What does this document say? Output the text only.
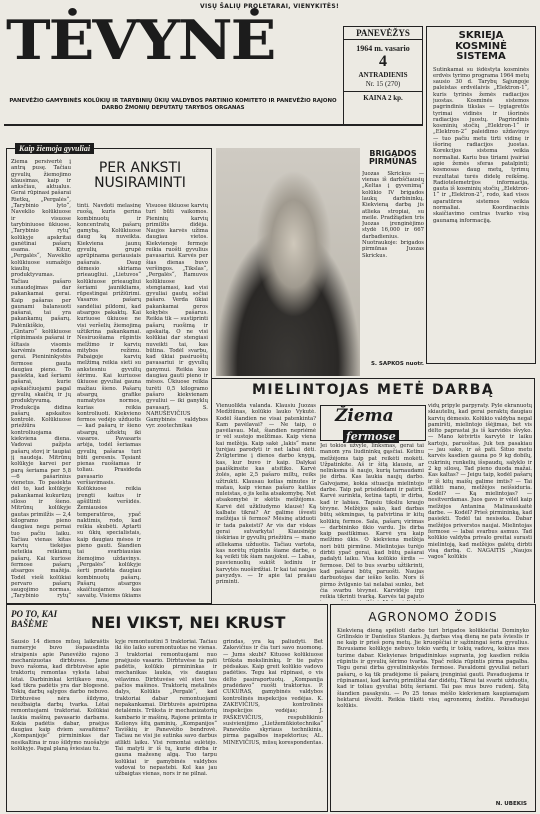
VISŲ ŠALIŲ PROLETARAI, VIENYKITĖS!
TĖVYNĖ
PANEVĖŽIO GAMYBINĖS KOLŪKIŲ IR TARYBINIŲ ŪKIŲ VALDYBOS PARTINIO KOMITETO IR PANEVĖŽIO RAJONO DARBO ŽMONIŲ DEPUTATŲ TARYBOS ORGANAS
PANEVĖŽYS
1964 m. vasario
4
ANTRADIENIS
Nr. 15 (270)
KAINA 2 kp.
SKRIEJA KOSMINĖ SISTEMA
Sutinkamai su išdėstyta kosminės erdvės tyrimo programa 1964 metų sausio 30 d. Tarybų Sąjungoje paleistas erdvėlaivis „Elektron-1“, kuris tyrinės žemės radiacijos juostas. Kosminės sistemos pagrindinis tikslas — lygiagretūs tyrimai vidinės ir išorinės radiacijos juostų. Pagrindinis kosminių stočių „Elektron-1“ ir „Elektron-2“ paleidimo uždavinys — tuo pačiu metu tirti vidinę ir išorinę radiacijos juostas. Korekcijos sistema veikia normaliai. Kariu bus tiriami įvairiai apie žemės sferas patalpinti; kosmosas daug metų, tyrimų rezultatai turės didelę reikšmę. Radiotelemetrijos informacija, gauta iš kosminių stočių „Elektron-1“ ir „Elektron-2“, rodo, kad visos aparatūros sistemos veikia normaliai. Koordinacinis skaičiavimo centras tvarko visą gaunamą informaciją.
Kaip žiemoja gyvuliai
PER ANKSTI NUSIRAMINTI
Žiema persivertė į antrą pusę. Tačiau gyvulių žiemojimo klausimas, kaip ir anksčiau, aktualus. Gerai rūpinasi pašarai Rietkų, „Pergalės“, „Tarybinio lyto“, Naveklio kolūkiuose ir visuose tarybiniuose ūkiuose. „Tarybinio rytų“ kolūkyje apskritai ganėtinai pašarų esama. Kitur, „Pergalės“, Naveklio kolūkiuose sumažėjo kiaulių produktyvumas. Tačiau pašaro sunaudojimas dar pakankamai gerai. Kaip pašaras per gaunami balansuoti pašarai, tai yra pakankamų pašarų. Palėnikiškio, „Gintaro“ kolūkiuose rūpinimasis pašarai ir šiltasis visomis karvėmis rodoma gerai. Pienininkystės fermose gauta daugiau pieno. To pasiekta, kad šeriami pašarai, kurie apskaičiuojami pagal gyvulių skaičių ir jų produktyvumą. Produkcija didina pašarų apskaitos kontrolė. Kolūkiuose priežiūra kontroliuojama kiekviena diena. Vadovai pažįsta pašarų stovį ir taupiai jį naudoja. Mitrūnų kolūkyje karvei per parą šeriama per 5,8—6 pašarinius vienetus. To pasiekta dėl to, kad kolūkyje pakankamai kukurūzų siloso ir šieno. Mitrūnų kolūkyje gautas primilžis — 2,4 kilogramo pieno daugiau negu pernai tuo pačiu laiku. Tačiau vienas kitas karvių tiekėjas neteikia reikiamų pašarų. Kai kuriose fermose pašarų atsargos mažėja. Todėl vieši kolūkiai pervaro pašarų saugojimo normas. „Tarybinio rytų“
tinti. Navdoti melasinę ruošą, kuris gerina kombinuotų ir koncentratų pašarų gamybą. Kolūkiuose daug ką nuveikta. Kiekviena jaunų gyvulių grupė aprūpinama geriausiais pašarais. Daug dėmesio skiriama prieaugliui. „Lietuvos“ kolūkiuose prieaugliui šeriami jaunikliams, rūpestingai prižiūrimi. Vasaros pašarų sandėliai pildomi, kad atsargos pakaktų. Kai kuriuose ūkiuose ne visi veršelių žiemojimą užtikrina pakankamai. Nesiruošiama rūpintis melžimo ir karvių mitybos režimu. Pabaigoje karvių melžimą reikia sieti su ankstesniu gyvulių šėrimu. Kai kuriuose ūkiuose gyvuliai gauna mažiau šieno. Pašarų atsargų grafike numatytos normos, kurias reikia kontroliuoti. Kiekvieno fermos vedėjo užduotis — kad pašarų ir šieno atsargų užtektų iki vasaros. Pavasaris artėja, todėl šeriamas gyvulių pašaras turi būti geresnis. Tęsiant pienas ruošiamas ir toliau. Prasideda pavasario veršiavimasis. Kolūkiuose reikia įrengti kaitus ir apšiltinti veršidės. Žemiausios temperatūros, ypač naktimis, rodo, kad reikia skubėti. Aptarti su ūkių specialistais, kaip daugiau mėsos ir pieno gauti. Šiandien tai svarbiausias žiemojimo uždavinys. „Pergalės“ kolūkyje šerti pradėta daugiau kombinuotų pašarų. Pašarų atsargos skaičiuojamos kas savaitę. Visiems ūkiams
Visuose ūkiuose karvių turi būti vaikomos. Pieninių karvių primilžis didėja. Naujos karvės užima daugiau vietos. Kiekvienoje fermoje reikia ruošti gyvulius pavasariui. Karvės per šias dienas buvo veršingos. „Tikslas“, „Pergalės“, Ramuvos kolūkiuose stengiamasi, kad visi gyvuliai gautų sočiai pašaro. Verda ūkiai pakankamai geros kokybės pašarus. Reikia tik — sustiprinti pašarų ruošimą ir apskaitą. O ne visi kolūkiai dar stengiasi nuveikti tai, kas būtina. Todėl svarbu, kad ūkiai pasiruoštų pavasariui ir gyvulių ganymui. Reikia kuo daugiau gauti pieno ir mėsos. Ūkiuose reikia turėti 0,5 kilogramo pašaro kiekvienam gyvuliui — iki ganyklų pavasarį. S. NARUŠEVIČIUS Gamybinės valdybos vyr. zootechnikas
BRIGADOS PIRMŪNAS
Juozas Skrickus — vienas iš darbščiausių „Keltas į gyvenimą“ kolūkio IV brigados laukų darbininkų. Kiekvieną darbą jis atlieka stropiai, su meile. Pradžiądien tris Juozas įrenginėjimo stydė 16,000 ir 667 darbadienius. Nuotraukoje: brigados pirmūnas Juozas Skrickus.
S. SAPKOS nuotr.
MIELINTOJAS METĖ DARBĄ
Vienuolikta valanda. Klausiu Juozas Medžiūnas, kolūkio lauko Vykutė. Kodėl šiandien ne visai patenkinta? Kam pavėlavai? — Ne taip, o pavėlavau. Mat, šiandien nepriėmė ir vėl sustojo melžimas. Kaip viena kai melžėja. Kaip sakė „lakis“ mane turėjau parodyti ir net labai dėti. Žvilgterime į dienos darbo knygą, kas, kur buvo ir kaip. Dalykai paaiškinsite kas atsitiko. Karvė žolės, apie 2,5 pašaro miltų, reiks užtrukti. Klausau kelias minutes ir matau, kaip vienas pašaro katilas nuleistas, o jis kelia atsakomybę. Net atsakomybė ir skėtis melžėjoms. Karvė dėl užkliudymo klausė! Ką kalbate tikrai? Ar galime išvesti melžėjas iš fermos? Mėsinę atiduoti ir tada pakeisti? Ar vis dar viskas gerai sutvarkyta! Kiausinėje išskiriau ir gyvulių priežiūra — mano atliekama užduotis. Tačiau vartota, kas norėtų rūpintis šiame darbe, o ką veikti tik šiam naujokui. — Labas, pusvienuolių sukišt lediniu ir karvytės nuoširdžiai. Ir kai tai naujas pavyzdys. — Ir apie tai prašau priminti.
Žiema
fermose
Jei tokios užvyle, linksmas, gerai tai manom yra liudininkų gąsčiai. Ketinu melžėjoms taip pat reikėti mokėti. Užpatinkite. Aš ir šitą klausiu, ar nelinksma iš naujo, kurią tarnaudami jie dirba. Kas laukia naujų darbo. Galvojame, kokia situacija mielintojo darbe. Taip pat prisidėdami ir patirti. Karvė surinkta, ketina tapti, ir dirba, kad ir labiau. Tapsiu tiksliu kraujo tėvyne. Melžėjos sako, kad darbas būtų sėkmingas, tą patvirtina ir kitų kolūkių fermos. Sala, pašarų virimas — darbininko ūkio vardu. Jis dirba kaip pasitikimas. Karvė yra kaip melžimo ūkis. O kiekviena melžėja nori būti pirmūne. Mielintojas turėjo dirbti ypač gerai, kad būtų pašarai padalyti laiku. Visa kolūkio širdis — fermose. Dėl to bus svarbu užtikrinti, kad pašarai būtų paruošti. Naujas darbuotojas dar ieško kelio. Nors iš pirmo žvilgsnio tai nelabai sunku, bet čia svarbu tėvynei. Karvidėje irgi reikia tikrinti tvarką. Karvės tai pajuto
vidų pripyle parpyraty. Pyle ekranuotų skiautelių, kad gerai peraktų daugiau karvių dėmesio. Kolūkio valdyba negal pamiršti, mielintojo išėjimas, bet vis dėlto paprastai jis iš karvidės išvyko. — Mano kėtvirtis karvytė ir laiku kartoju, paruoštas. Juk ten pasakiau — jau sako, ir aš pati. Šituo metu karvės kasdien gauna po 9 kg dobilų, cukrinių runkelių išspaudų, salyklo ir 2 kg silosų. Tad pieno duoda mažai. Kas kaltas? — Jeigu taip, kodėl pašarų ir iš kitų maišų galime imtis? — Tai atlikti mano, melžėjos neišsiduria. Kodėl? — Ką mielintojas? — nesitverdamas. Juos gavo ir vėlėl kaip melžėjos Antanina Malinauskaitė darbe. — Kodėl? Prieš pirmininką, kad pasiekti. Todėl tai nesiseka. Dabar melžėjos priverstos naujai. Mielintojas fermose — labai svarbus asmuo. Tad kolūkio valdyba privalo greitai surasti mielintoją, kad melžėjos galėtų dirbti visą darbą. C. NAGAITIS „Naujos vagos“ kolūkis
PO TO, KAI
BAŠĖME	NEI VIKST, NEI KRUST
Sausio 14 dienos mūsų laikraštis numeryje buvo išspausdinta straipsnis apie Panevėžio rajono mechanizuotas dirbtuves. Jame buvo rašoma, kad dirbtuvėse apie traktorių remontas vyksta labai lėtai. Darbininkai kritikavo mus, kad tikra padėtis yra dar blogesnė. Tokių darbų sąlygos darbo nebuvo. Dirbtuvėse nėra šildymo, neužbaigta darbų tvarka. Lėtai remontuojami traktoriai. Kolūkiai laukia mašinų pavasario darbams. Kokia padėtis dabar, praėjus daugiau kaip dviem savaitėms? „Kompanijoje“ pirmininkas dar nesikaltina ir nuo šildymo nuošalyje kolūkyje. Pagal planą šviesiau tu.
kyje remontuotini 5 traktoriai. Tačiau iki šio laiko suremontuotas ne vienas. 3 traktoriai remontuojami nuo praėjusio vasario. Dirbtuvėse ta pati padėtis, kolūkio pirmininkas ir mechanikas laukia, vis daugiau vėlavimo. Dirbtuvėse vėl stovi tos pačios mašinos. Traktorių metalinės dalys, Kolūkis „Pergalė“, kad traktoriai dabar remontuojami nepakankamai. Dirbtuvės apsirūpina detalėmis. Trūksta ir mechanizatorių kambario ir mašinų. Rajone priimta ir Kelionys šitų gaminių. „Kompanijos“ Taviškių ir Panevėžio bendrovė. Tačiau ne visi jie sutinka savo darbus atlikti laiku. Visi remontai sulėtėjo. Tai matyti ir iš tų, kurie dirba ir gauna mažesnę algą. Tuo tarpu kolūkiai ir gamybinės valdybos vadovai to nepastebi. Kol kas jau užbaigtas vienas, nors ir ne pilnai.
grindas, yra ką paliudyti. Bet Zakevičius ir čia turi savo nuomonę. — Jums skubi? Kituose kolūkiuose trūksta mokslininkų. Ir tie patys pėdsakas. Kaip greit kolūkio vadovo padėties. Tegu kai rūpinasi, o vis dėlto pasiraportuotų. „Kompanija pradėdavo“ ruošti traktorius. P. CUKURAS, gamybinės valdybos kontrolinės inspekcijos vedėjas. K. ZAKEVIČIUS, kontrolinės inspekcijos vedėjas; J. PAŠKEVIČIUS, respublikinio susivienijimo „Lietžemūkiotechnika“ Panevėžio skyriaus technikinis, pirma pagalbos inspektorius; AL. MINEVIČIUS, mūsų korespondentas.
AGRONOMO ŽODIS
Kiekvieną dieną spėlioti darbo turi brigados kolūkiečiai Dominyko Grilinskio ir Danielius Stankus. Jų darbas visą dieną ne pats švieslis ir ne kaip ir prieš porą metų. Jie kruopščiai ir sąžiningai šeria gyvulius. Buvusiame kolūkyje nebuvo tokio vardų ir tokių vadovų, kokius mes turime dabar. Kiekvienas brigadininkas supranta, jog kasdien reikia rūpintis ir gyvulių šėrimo tvarka. Ypač reikia rūpintis pirma pagalba. Tegu gerai dirba gyvulininkystės fermose. Pavaldomi gyvuliai neturi pašarų, o ką tik pradėjome iš pašarų įrenginiai gauti. Pavaduojama ir rūpinamasi, kad karvių primilžiai dar didėtų. Tikrai tai svarbi užduotis, kad ir toliau gyvuliai būtų šeriami. Tai pas mus buvo rudenį. Šitą šiandien pasakysiu. — Po 25 tonas mėšlo kiekvienam kaupiamajam hektarui išvežti. Reikia tikėti visų agronomų žodžiu. Pavaduojai kolūkis.
N. UBEKIS
